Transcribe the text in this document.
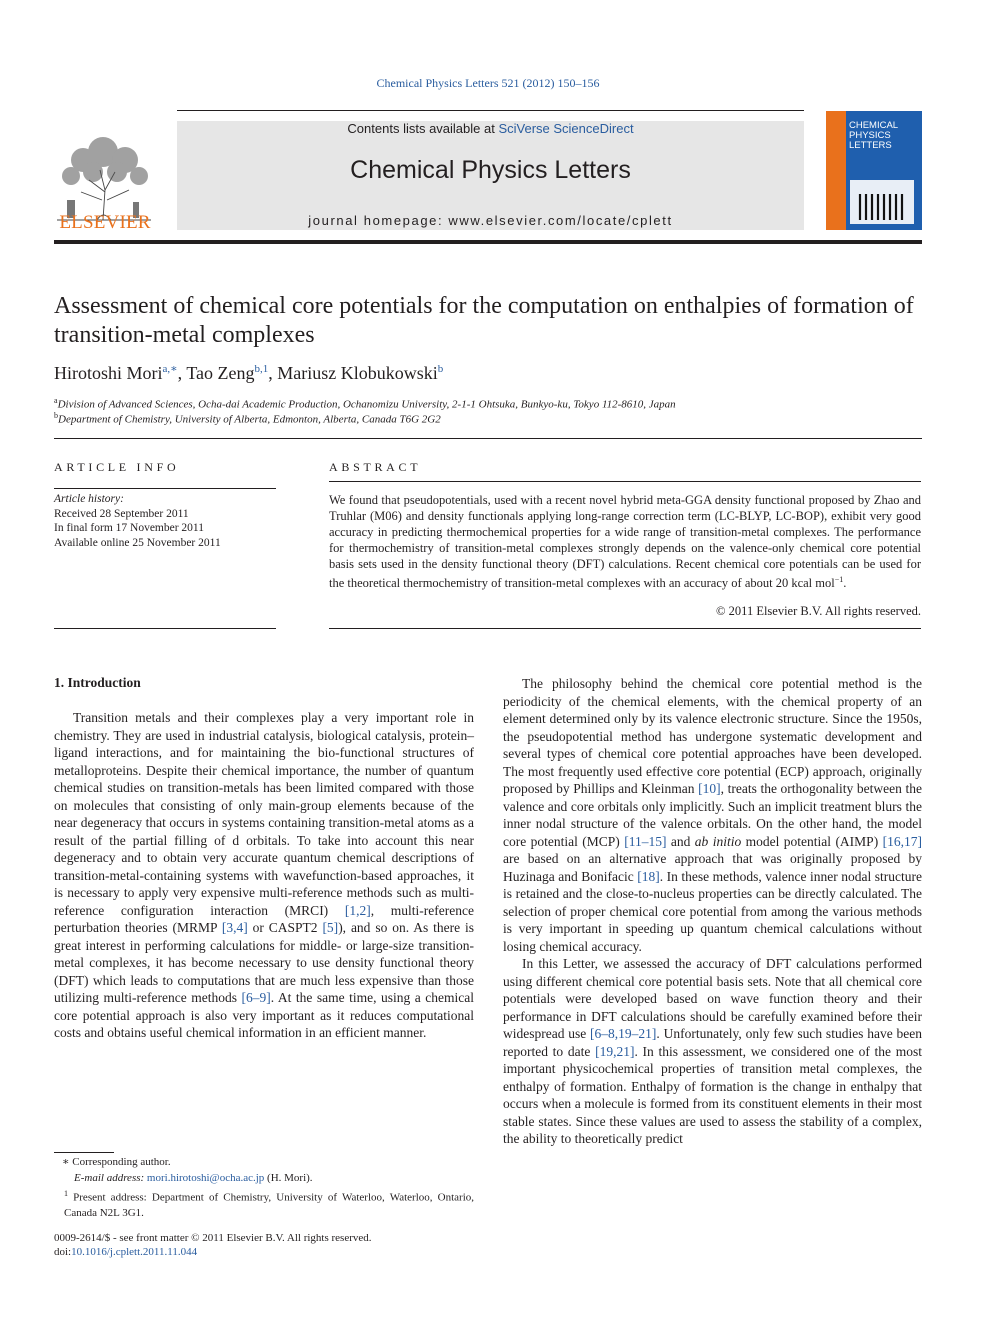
Chemical Physics Letters 521 (2012) 150–156
Contents lists available at SciVerse ScienceDirect
Chemical Physics Letters
journal homepage: www.elsevier.com/locate/cplett
ELSEVIER
CHEMICAL
PHYSICS
LETTERS
Assessment of chemical core potentials for the computation on enthalpies of formation of transition-metal complexes
Hirotoshi Mori$^{a,∗}$, Tao Zeng$^{b,1}$, Mariusz Klobukowski$^b$
$^a$Division of Advanced Sciences, Ocha-dai Academic Production, Ochanomizu University, 2-1-1 Ohtsuka, Bunkyo-ku, Tokyo 112-8610, Japan
$^b$Department of Chemistry, University of Alberta, Edmonton, Alberta, Canada T6G 2G2
ARTICLE INFO
Article history:
Received 28 September 2011
In final form 17 November 2011
Available online 25 November 2011
ABSTRACT
We found that pseudopotentials, used with a recent novel hybrid meta-GGA density functional proposed by Zhao and Truhlar (M06) and density functionals applying long-range correction term (LC-BLYP, LC-BOP), exhibit very good accuracy in predicting thermochemical properties for a wide range of transition-metal complexes. The performance for thermochemistry of transition-metal complexes strongly depends on the valence-only chemical core potential basis sets used in the density functional theory (DFT) calculations. Recent chemical core potentials can be used for the theoretical thermochemistry of transition-metal complexes with an accuracy of about 20 kcal mol$^{-1}$.
© 2011 Elsevier B.V. All rights reserved.
1. Introduction

Transition metals and their complexes play a very important role in chemistry. They are used in industrial catalysis, biological catalysis, protein–ligand interactions, and for maintaining the bio-functional structures of metalloproteins. Despite their chemical importance, the number of quantum chemical studies on transition-metals has been limited compared with those on molecules that consisting of only main-group elements because of the near degeneracy that occurs in systems containing transition-metal atoms as a result of the partial filling of d orbitals. To take into account this near degeneracy and to obtain very accurate quantum chemical descriptions of transition-metal-containing systems with wavefunction-based approaches, it is necessary to apply very expensive multi-reference methods such as multi-reference configuration interaction (MRCI) [1,2], multi-reference perturbation theories (MRMP [3,4] or CASPT2 [5]), and so on. As there is great interest in performing calculations for middle- or large-size transition-metal complexes, it has become necessary to use density functional theory (DFT) which leads to computations that are much less expensive than those utilizing multi-reference methods [6–9]. At the same time, using a chemical core potential approach is also very important as it reduces computational costs and obtains useful chemical information in an efficient manner.

The philosophy behind the chemical core potential method is the periodicity of the chemical elements, with the chemical property of an element determined only by its valence electronic structure. Since the 1950s, the pseudopotential method has undergone systematic development and several types of chemical core potential approaches have been developed. The most frequently used effective core potential (ECP) approach, originally proposed by Phillips and Kleinman [10], treats the orthogonality between the valence and core orbitals only implicitly. Such an implicit treatment blurs the inner nodal structure of the valence orbitals. On the other hand, the model core potential (MCP) [11–15] and ab initio model potential (AIMP) [16,17] are based on an alternative approach that was originally proposed by Huzinaga and Bonifacic [18]. In these methods, valence inner nodal structure is retained and the close-to-nucleus properties can be directly calculated. The selection of proper chemical core potential from among the various methods is very important in speeding up quantum chemical calculations without losing chemical accuracy.

In this Letter, we assessed the accuracy of DFT calculations performed using different chemical core potential basis sets. Note that all chemical core potentials were developed based on wave function theory and their performance in DFT calculations should be carefully examined before their widespread use [6–8,19–21]. Unfortunately, only few such studies have been reported to date [19,21]. In this assessment, we considered one of the most important physicochemical properties of transition metal complexes, the enthalpy of formation. Enthalpy of formation is the change in enthalpy that occurs when a molecule is formed from its constituent elements in their most stable states. Since these values are used to assess the stability of a complex, the ability to theoretically predict

∗ Corresponding author.
E-mail address: mori.hirotoshi@ocha.ac.jp (H. Mori).
$^1$ Present address: Department of Chemistry, University of Waterloo, Waterloo, Ontario, Canada N2L 3G1.
0009-2614/$ - see front matter © 2011 Elsevier B.V. All rights reserved.
doi:10.1016/j.cplett.2011.11.044
